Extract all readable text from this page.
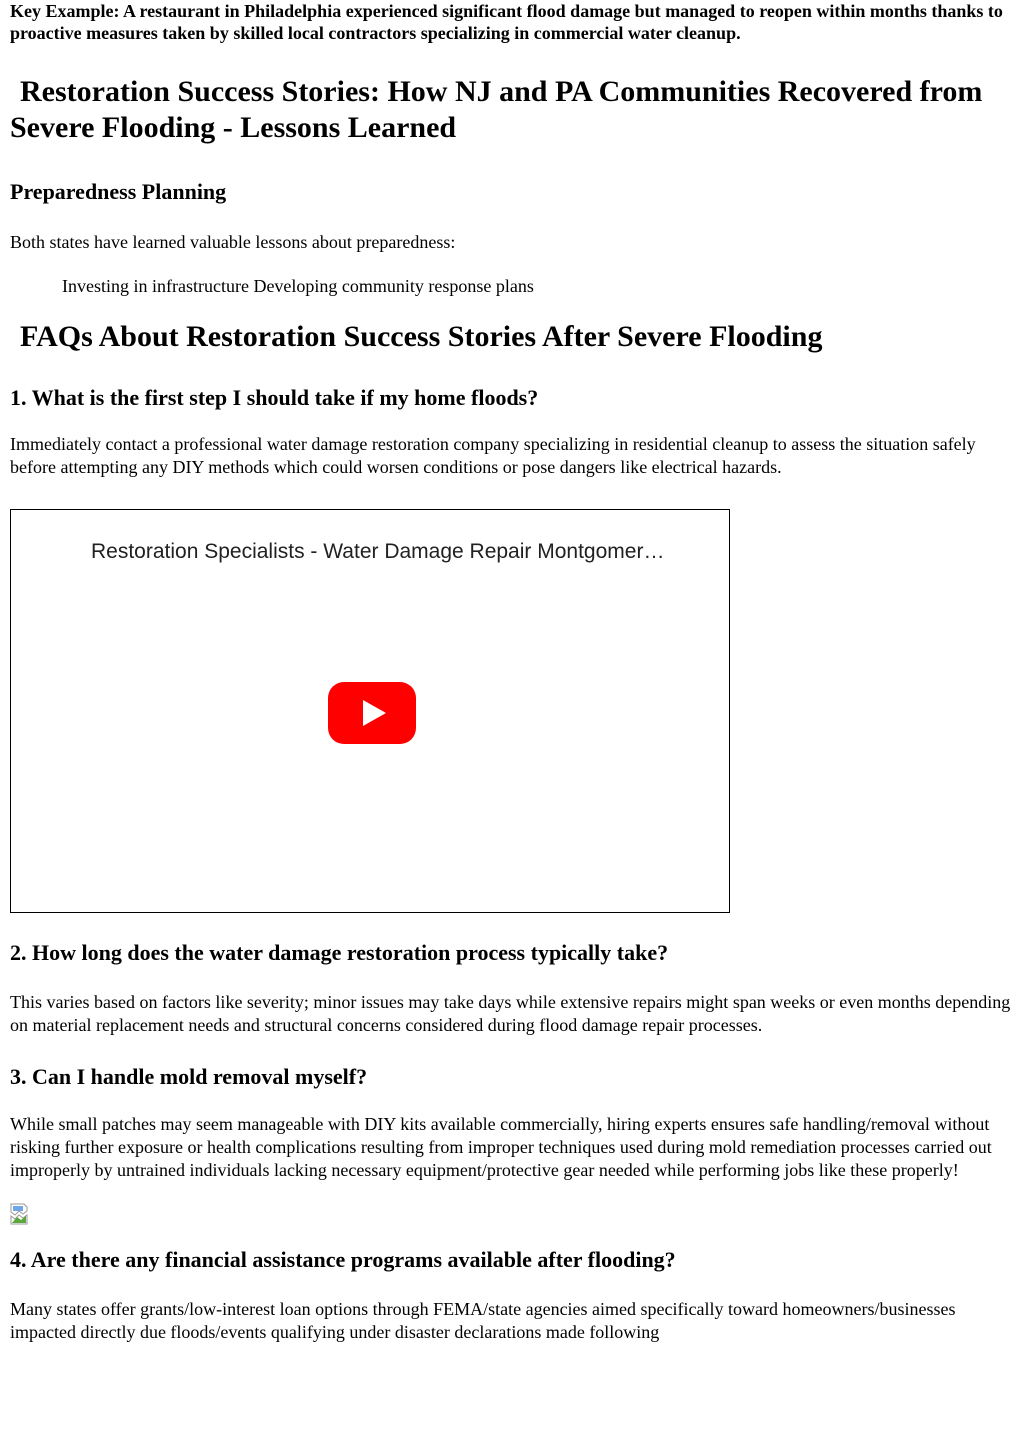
Key Example: A restaurant in Philadelphia experienced significant flood damage but managed to reopen within months thanks to proactive measures taken by skilled local contractors specializing in commercial water cleanup.

Restoration Success Stories: How NJ and PA Communities Recovered from Severe Flooding - Lessons Learned
Preparedness Planning

Both states have learned valuable lessons about preparedness:

Investing in infrastructure Developing community response plans
FAQs About Restoration Success Stories After Severe Flooding
1. What is the first step I should take if my home floods?

Immediately contact a professional water damage restoration company specializing in residential cleanup to assess the situation safely before attempting any DIY methods which could worsen conditions or pose dangers like electrical hazards.

Restoration Specialists - Water Damage Repair Montgomer…
2. How long does the water damage restoration process typically take?

This varies based on factors like severity; minor issues may take days while extensive repairs might span weeks or even months depending on material replacement needs and structural concerns considered during flood damage repair processes.

3. Can I handle mold removal myself?

While small patches may seem manageable with DIY kits available commercially, hiring experts ensures safe handling/removal without risking further exposure or health complications resulting from improper techniques used during mold remediation processes carried out improperly by untrained individuals lacking necessary equipment/protective gear needed while performing jobs like these properly!

4. Are there any financial assistance programs available after flooding?

Many states offer grants/low-interest loan options through FEMA/state agencies aimed specifically toward homeowners/businesses impacted directly due floods/events qualifying under disaster declarations made following
